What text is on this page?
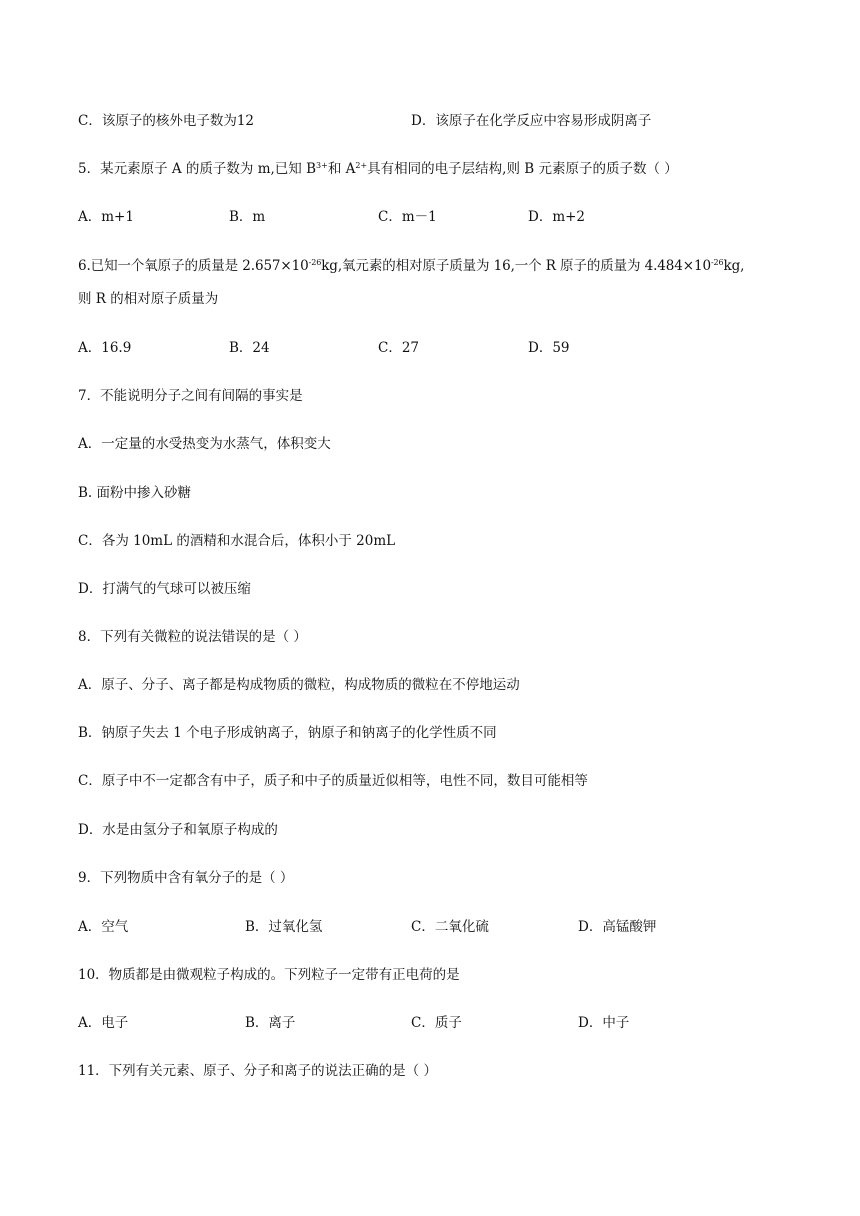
C．该原子的核外电子数为12	D．该原子在化学反应中容易形成阴离子
5．某元素原子 A 的质子数为 m,已知 $B^{3+}$和 $A^{2+}$具有相同的电子层结构,则 B 元素原子的质子数（ ）
A．m+1	B．m	C．m－1	D．m+2
6.已知一个氧原子的质量是 $2.657\times 10^{-26}kg$,氧元素的相对原子质量为 16,一个 R 原子的质量为 $4.484\times 10^{-26}kg$,
则 R 的相对原子质量为
A．16.9	B．24	C．27	D．59
7．不能说明分子之间有间隔的事实是
A．一定量的水受热变为水蒸气，体积变大
B. 面粉中掺入砂糖
C．各为 10mL 的酒精和水混合后，体积小于 20mL
D．打满气的气球可以被压缩
8．下列有关微粒的说法错误的是（ ）
A．原子、分子、离子都是构成物质的微粒，构成物质的微粒在不停地运动
B．钠原子失去 1 个电子形成钠离子，钠原子和钠离子的化学性质不同
C．原子中不一定都含有中子，质子和中子的质量近似相等，电性不同，数目可能相等
D．水是由氢分子和氧原子构成的
9．下列物质中含有氧分子的是（ ）
A．空气	B．过氧化氢	C．二氧化硫	D．高锰酸钾
10．物质都是由微观粒子构成的。下列粒子一定带有正电荷的是
A．电子	B．离子	C．质子	D．中子
11．下列有关元素、原子、分子和离子的说法正确的是（ ）
